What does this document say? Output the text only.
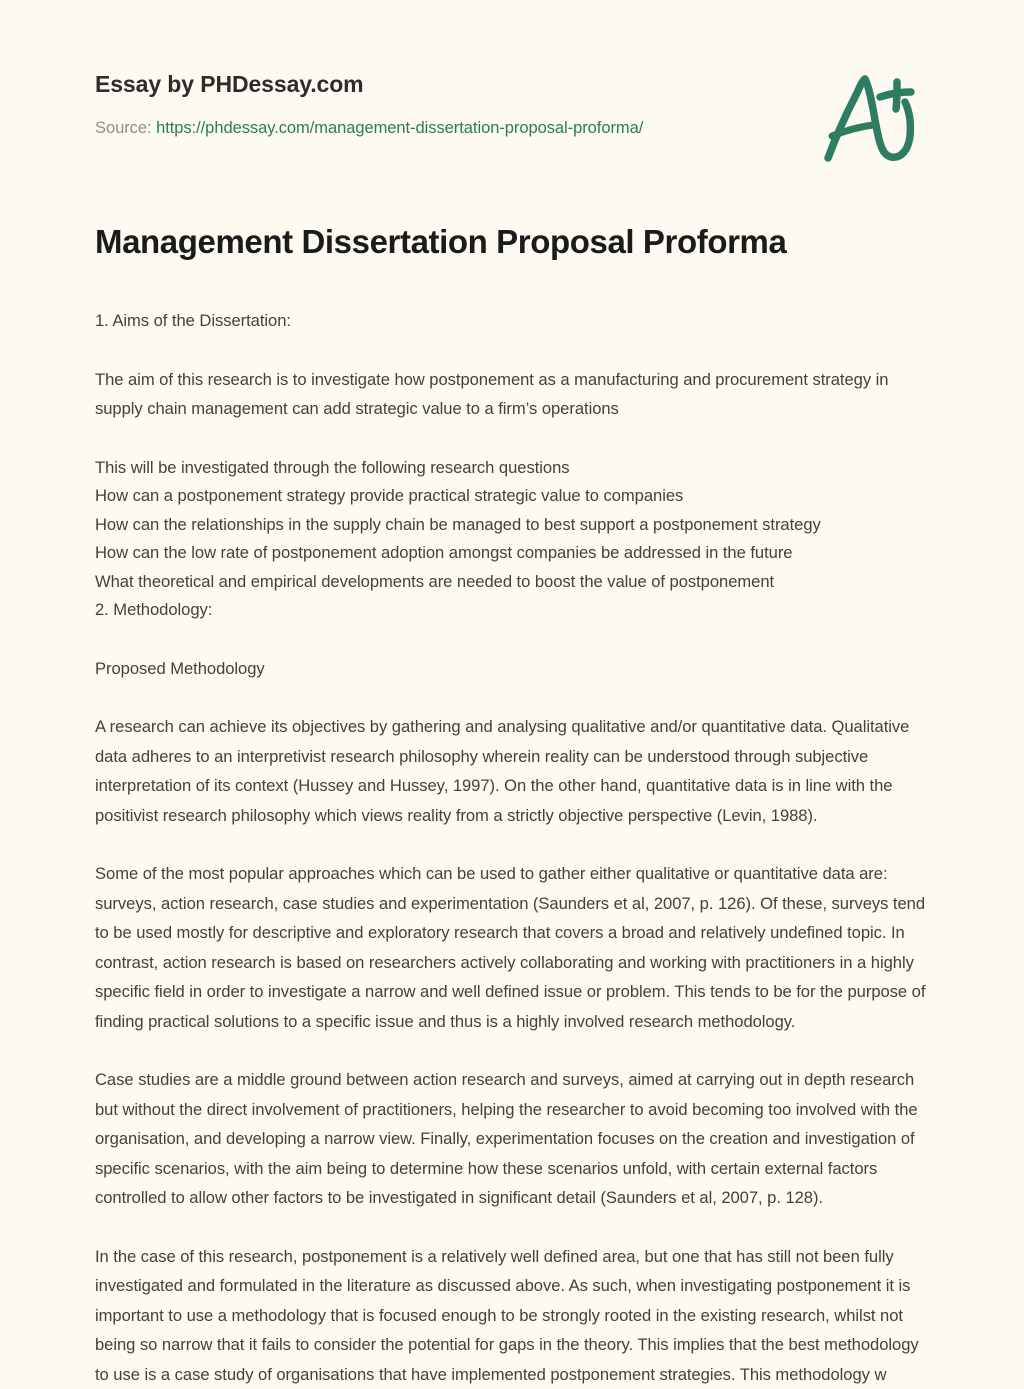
Essay by PHDessay.com
Source: https://phdessay.com/management-dissertation-proposal-proforma/
Management Dissertation Proposal Proforma

1. Aims of the Dissertation:

The aim of this research is to investigate how postponement as a manufacturing and procurement strategy in supply chain management can add strategic value to a firm’s operations

This will be investigated through the following research questions

How can a postponement strategy provide practical strategic value to companies
How can the relationships in the supply chain be managed to best support a postponement strategy
How can the low rate of postponement adoption amongst companies be addressed in the future
What theoretical and empirical developments are needed to boost the value of postponement
2. Methodology:

Proposed Methodology

A research can achieve its objectives by gathering and analysing qualitative and/or quantitative data. Qualitative data adheres to an interpretivist research philosophy wherein reality can be understood through subjective interpretation of its context (Hussey and Hussey, 1997). On the other hand, quantitative data is in line with the positivist research philosophy which views reality from a strictly objective perspective (Levin, 1988).

Some of the most popular approaches which can be used to gather either qualitative or quantitative data are: surveys, action research, case studies and experimentation (Saunders et al, 2007, p. 126). Of these, surveys tend to be used mostly for descriptive and exploratory research that covers a broad and relatively undefined topic. In contrast, action research is based on researchers actively collaborating and working with practitioners in a highly specific field in order to investigate a narrow and well defined issue or problem. This tends to be for the purpose of finding practical solutions to a specific issue and thus is a highly involved research methodology.

Case studies are a middle ground between action research and surveys, aimed at carrying out in depth research but without the direct involvement of practitioners, helping the researcher to avoid becoming too involved with the organisation, and developing a narrow view. Finally, experimentation focuses on the creation and investigation of specific scenarios, with the aim being to determine how these scenarios unfold, with certain external factors controlled to allow other factors to be investigated in significant detail (Saunders et al, 2007, p. 128).

In the case of this research, postponement is a relatively well defined area, but one that has still not been fully investigated and formulated in the literature as discussed above. As such, when investigating postponement it is important to use a methodology that is focused enough to be strongly rooted in the existing research, whilst not being so narrow that it fails to consider the potential for gaps in the theory. This implies that the best methodology to use is a case study of organisations that have implemented postponement strategies. This methodology w
